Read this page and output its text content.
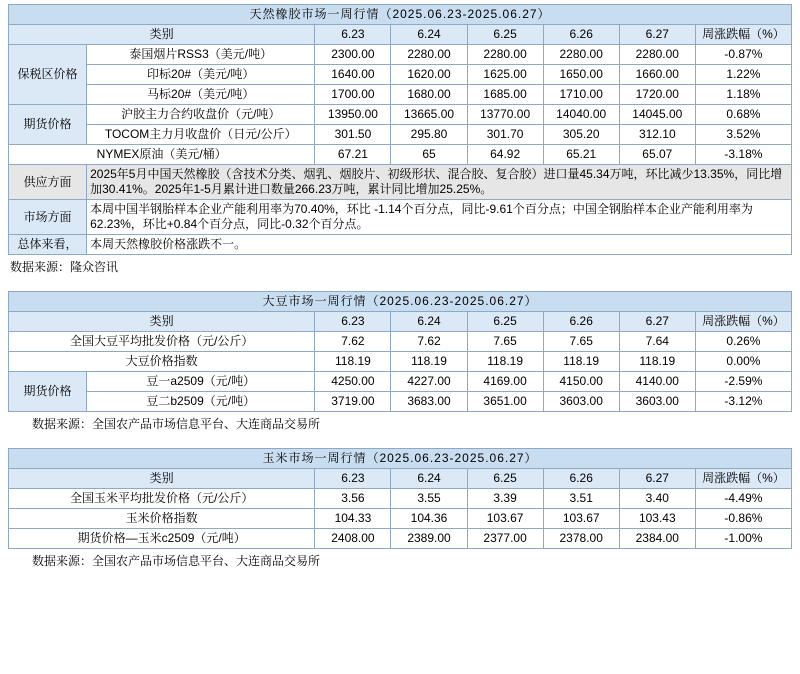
天然橡胶市场一周行情（2025.06.23-2025.06.27）							
类别		6.23	6.24	6.25	6.26	6.27	周涨跌幅（%）
保税区价格	泰国烟片RSS3（美元/吨）	2300.00	2280.00	2280.00	2280.00	2280.00	-0.87%
	印标20#（美元/吨）	1640.00	1620.00	1625.00	1650.00	1660.00	1.22%
	马标20#（美元/吨）	1700.00	1680.00	1685.00	1710.00	1720.00	1.18%
期货价格	沪胶主力合约收盘价（元/吨）	13950.00	13665.00	13770.00	14040.00	14045.00	0.68%
	TOCOM主力月收盘价（日元/公斤）	301.50	295.80	301.70	305.20	312.10	3.52%
NYMEX原油（美元/桶）		67.21	65	64.92	65.21	65.07	-3.18%
供应方面	2025年5月中国天然橡胶（含技术分类、烟乳、烟胶片、初级形状、混合胶、复合胶）进口量45.34万吨，环比减少13.35%，同比增加30.41%。2025年1-5月累计进口数量266.23万吨，累计同比增加25.25%。						
市场方面	本周中国半钢胎样本企业产能利用率为70.40%，环比 -1.14个百分点，同比-9.61个百分点；中国全钢胎样本企业产能利用率为62.23%，环比+0.84个百分点，同比-0.32个百分点。						
总体来看，	本周天然橡胶价格涨跌不一。						
数据来源：隆众咨讯
大豆市场一周行情（2025.06.23-2025.06.27）							
类别		6.23	6.24	6.25	6.26	6.27	周涨跌幅（%）
全国大豆平均批发价格（元/公斤）		7.62	7.62	7.65	7.65	7.64	0.26%
大豆价格指数		118.19	118.19	118.19	118.19	118.19	0.00%
期货价格	豆一a2509（元/吨）	4250.00	4227.00	4169.00	4150.00	4140.00	-2.59%
	豆二b2509（元/吨）	3719.00	3683.00	3651.00	3603.00	3603.00	-3.12%
数据来源：全国农产品市场信息平台、大连商品交易所
玉米市场一周行情（2025.06.23-2025.06.27）						
类别	6.23	6.24	6.25	6.26	6.27	周涨跌幅（%）
全国玉米平均批发价格（元/公斤）	3.56	3.55	3.39	3.51	3.40	-4.49%
玉米价格指数	104.33	104.36	103.67	103.67	103.43	-0.86%
期货价格—玉米c2509（元/吨）	2408.00	2389.00	2377.00	2378.00	2384.00	-1.00%
数据来源：全国农产品市场信息平台、大连商品交易所
